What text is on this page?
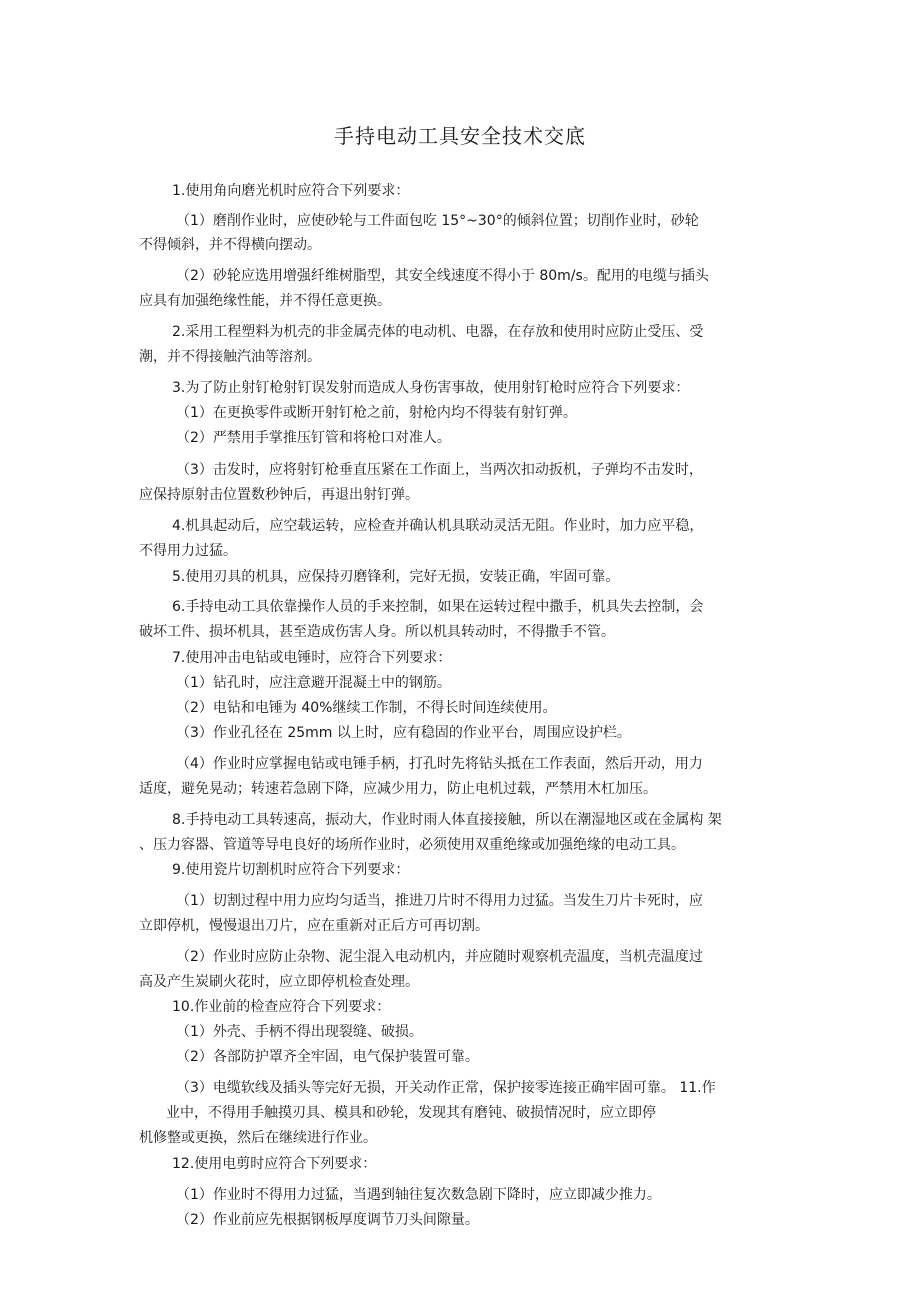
手持电动工具安全技术交底
1.使用角向磨光机时应符合下列要求：
（1）磨削作业时，应使砂轮与工件面包吃 15°~30°的倾斜位置；切削作业时，砂轮
不得倾斜，并不得横向摆动。
（2）砂轮应选用增强纤维树脂型，其安全线速度不得小于 80m/s。配用的电缆与插头
应具有加强绝缘性能，并不得任意更换。
2.采用工程塑料为机壳的非金属壳体的电动机、电器，在存放和使用时应防止受压、受
潮，并不得接触汽油等溶剂。
3.为了防止射钉枪射钉误发射而造成人身伤害事故，使用射钉枪时应符合下列要求：
（1）在更换零件或断开射钉枪之前，射枪内均不得装有射钉弹。
（2）严禁用手掌推压钉管和将枪口对准人。
（3）击发时，应将射钉枪垂直压紧在工作面上，当两次扣动扳机，子弹均不击发时，
应保持原射击位置数秒钟后，再退出射钉弹。
4.机具起动后，应空载运转，应检查并确认机具联动灵活无阻。作业时，加力应平稳，
不得用力过猛。
5.使用刃具的机具，应保持刃磨锋利，完好无损，安装正确，牢固可靠。
6.手持电动工具依靠操作人员的手来控制，如果在运转过程中撒手，机具失去控制，会
破坏工件、损坏机具，甚至造成伤害人身。所以机具转动时，不得撒手不管。
7.使用冲击电钻或电锤时，应符合下列要求：
（1）钻孔时，应注意避开混凝土中的钢筋。
（2）电钻和电锤为 40%继续工作制，不得长时间连续使用。
（3）作业孔径在 25mm 以上时，应有稳固的作业平台，周围应设护栏。
（4）作业时应掌握电钻或电锤手柄，打孔时先将钻头抵在工作表面，然后开动，用力
适度，避免晃动；转速若急剧下降，应减少用力，防止电机过载，严禁用木杠加压。
8.手持电动工具转速高，振动大，作业时雨人体直接接触，所以在潮湿地区或在金属构 架
、压力容器、管道等导电良好的场所作业时，必须使用双重绝缘或加强绝缘的电动工具。
9.使用瓷片切割机时应符合下列要求：
（1）切割过程中用力应均匀适当，推进刀片时不得用力过猛。当发生刀片卡死时，应
立即停机，慢慢退出刀片，应在重新对正后方可再切割。
（2）作业时应防止杂物、泥尘混入电动机内，并应随时观察机壳温度，当机壳温度过
高及产生炭刷火花时，应立即停机检查处理。
10.作业前的检查应符合下列要求：
（1）外壳、手柄不得出现裂缝、破损。
（2）各部防护罩齐全牢固，电气保护装置可靠。
（3）电缆软线及插头等完好无损，开关动作正常，保护接零连接正确牢固可靠。 11.作
业中，不得用手触摸刃具、模具和砂轮，发现其有磨钝、破损情况时，应立即停
机修整或更换，然后在继续进行作业。
12.使用电剪时应符合下列要求：
（1）作业时不得用力过猛，当遇到轴往复次数急剧下降时，应立即减少推力。
（2）作业前应先根据钢板厚度调节刀头间隙量。
